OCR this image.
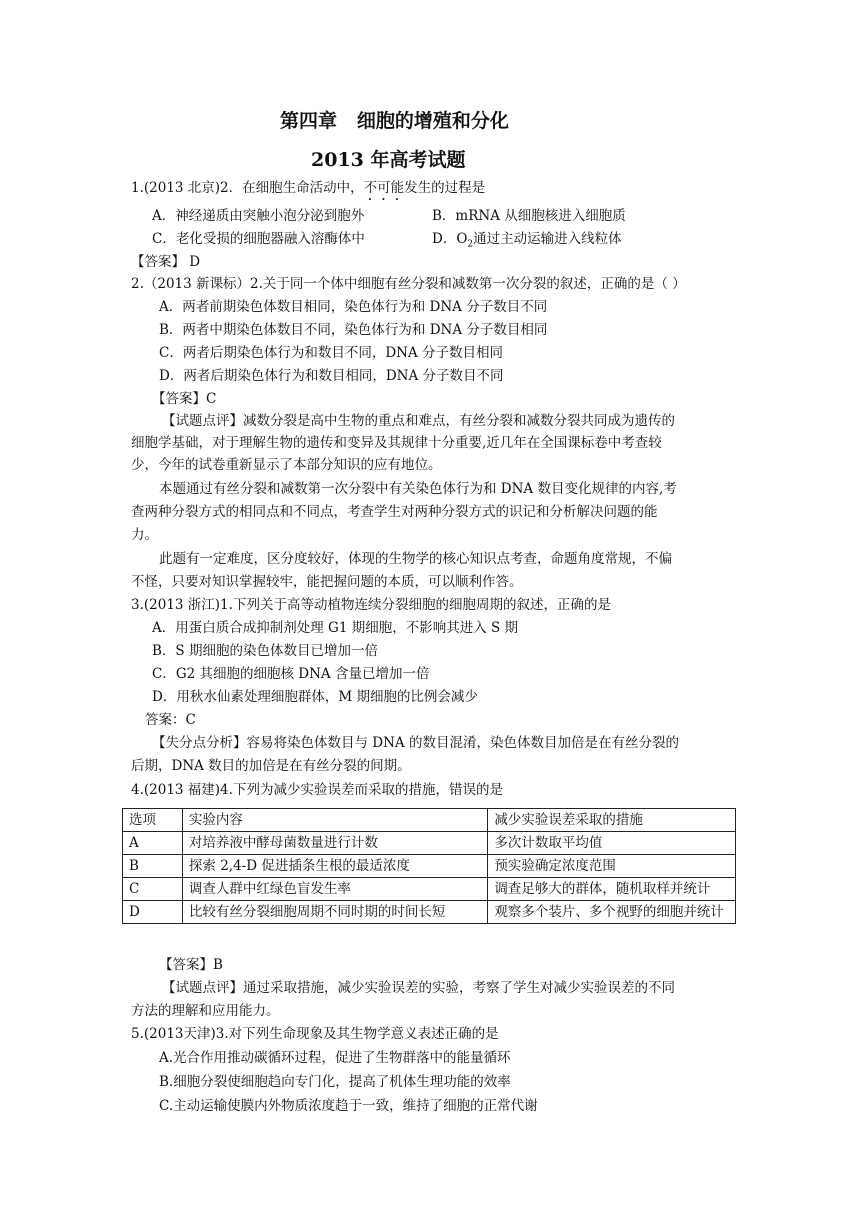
第四章   细胞的增殖和分化
2013 年高考试题
1.(2013 北京)2．在细胞生命活动中，不可能发生的过程是
A．神经递质由突触小泡分泌到胞外	B．mRNA 从细胞核进入细胞质
C．老化受损的细胞器融入溶酶体中	D．$O_2$通过主动运输进入线粒体
【答案】 D
2.（2013 新课标）2.关于同一个体中细胞有丝分裂和减数第一次分裂的叙述，正确的是（ ）
A．两者前期染色体数目相同，染色体行为和 DNA 分子数目不同
B．两者中期染色体数目不同，染色体行为和 DNA 分子数目相同
C．两者后期染色体行为和数目不同，DNA 分子数目相同
D．两者后期染色体行为和数目相同，DNA 分子数目不同
【答案】C
【试题点评】减数分裂是高中生物的重点和难点，有丝分裂和减数分裂共同成为遗传的
细胞学基础，对于理解生物的遗传和变异及其规律十分重要,近几年在全国课标卷中考查较
少，今年的试卷重新显示了本部分知识的应有地位。
本题通过有丝分裂和减数第一次分裂中有关染色体行为和 DNA 数目变化规律的内容,考
查两种分裂方式的相同点和不同点，考查学生对两种分裂方式的识记和分析解决问题的能
力。
此题有一定难度，区分度较好，体现的生物学的核心知识点考查，命题角度常规，不偏
不怪，只要对知识掌握较牢，能把握问题的本质，可以顺利作答。
3.(2013 浙江)1.下列关于高等动植物连续分裂细胞的细胞周期的叙述，正确的是
A．用蛋白质合成抑制剂处理 G1 期细胞，不影响其进入 S 期
B．S 期细胞的染色体数目已增加一倍
C．G2 其细胞的细胞核 DNA 含量已增加一倍
D．用秋水仙素处理细胞群体，M 期细胞的比例会减少
答案：C
【失分点分析】容易将染色体数目与 DNA 的数目混淆，染色体数目加倍是在有丝分裂的
后期，DNA 数目的加倍是在有丝分裂的间期。
4.(2013 福建)4.下列为减少实验误差而采取的措施，错误的是
选项	实验内容	减少实验误差采取的措施
A	对培养液中酵母菌数量进行计数	多次计数取平均值
B	探索 2,4-D 促进插条生根的最适浓度	预实验确定浓度范围
C	调查人群中红绿色盲发生率	调查足够大的群体，随机取样并统计
D	比较有丝分裂细胞周期不同时期的时间长短	观察多个装片、多个视野的细胞并统计
【答案】B
【试题点评】通过采取措施，减少实验误差的实验，考察了学生对减少实验误差的不同
方法的理解和应用能力。
5.(2013天津)3.对下列生命现象及其生物学意义表述正确的是
A.光合作用推动碳循环过程，促进了生物群落中的能量循环
B.细胞分裂使细胞趋向专门化，提高了机体生理功能的效率
C.主动运输使膜内外物质浓度趋于一致，维持了细胞的正常代谢
